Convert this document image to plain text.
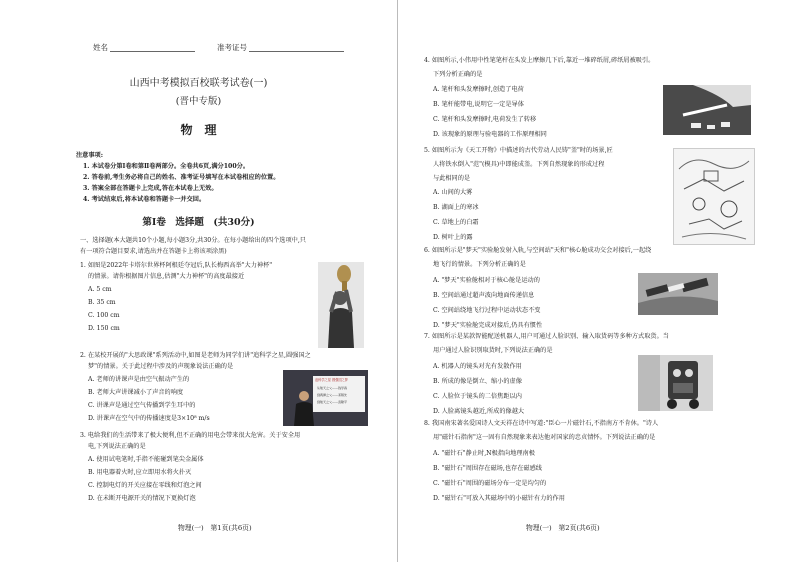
姓名	准考证号
山西中考模拟百校联考试卷(一)
(晋中专版)
物　理
注意事项:
1. 本试卷分第Ⅰ卷和第Ⅱ卷两部分。全卷共6页,满分100分。
2. 答卷前,考生务必将自己的姓名、准考证号填写在本试卷相应的位置。
3. 答案全部在答题卡上完成,答在本试卷上无效。
4. 考试结束后,将本试卷和答题卡一并交回。
第Ⅰ卷　选择题　(共30分)
一、选择题(本大题共10个小题,每小题3分,共30分。在每小题给出的四个选项中,只
有一项符合题目要求,请选出并在答题卡上将该项涂黑)
1. 如图是2022年卡塔尔世界杯阿根廷夺冠后,队长梅西高举"大力神杯"
的情景。请你根据图片信息,估测"大力神杯"的高度最接近
A. 5 cm
B. 35 cm
C. 100 cm
D. 150 cm
2. 在某校开展的"大思政课"系列活动中,如图是老师为同学们讲"追科学之星,圆强国之
梦"的情景。关于此过程中涉及的声现象说法正确的是
A. 老师的讲课声是由空气振动产生的
B. 老师大声讲课减小了声音的响度
C. 讲课声是通过空气传播到学生耳中的
D. 讲课声在空气中的传播速度是3×10⁸ m/s
追科学之星 圆强国之梦
从航天之父——钱学森
到两弹之父——邓稼先
到航天之父——袁隆平
3. 电给我们的生活带来了极大便利,但不正确的用电会带来很大危害。关于安全用
电,下列说法正确的是
A. 使用试电笔时,手指不能碰到笔尖金属体
B. 用电器着火时,应立即用水将火扑灭
C. 控制电灯的开关应接在零线和灯泡之间
D. 在未断开电源开关的情况下更换灯泡
物理(一)　第1页(共6页)
4. 如图所示,小伟用中性笔笔杆在头发上摩擦几下后,靠近一堆碎纸屑,碎纸屑被吸引。
下列分析正确的是
A. 笔杆和头发摩擦时,创造了电荷
B. 笔杆能带电,说明它一定是导体
C. 笔杆和头发摩擦时,电荷发生了转移
D. 该现象的原理与验电器的工作原理相同
5. 如图所示为《天工开物》中描述的古代劳动人民铸"釜"时的场景,匠
人将铁水倒入"范"(模具)中即能成釜。下列自然现象的形成过程
与此相同的是
A. 山间的大雾
B. 湖面上的寒冰
C. 草地上的白霜
D. 树叶上的露
6. 如图所示是"梦天"实验舱发射入轨,与空间站"天和"核心舱成功交会对接后,一起绕
地飞行的情景。下列分析正确的是
A. "梦天"实验舱相对于核心舱是运动的
B. 空间站通过超声波向地面传递信息
C. 空间站绕地飞行过程中运动状态不变
D. "梦天"实验舱完成对接后,仍具有惯性
7. 如图所示是某款智能配送机器人,用户可通过人脸识别、输入取货码等多种方式取货。当
用户通过人脸识别取货时,下列说法正确的是
A. 机器人的镜头对光有发散作用
B. 所成的像是倒立、缩小的虚像
C. 人脸位于镜头的二倍焦距以内
D. 人脸离镜头越近,所成的像越大
8. 我国南宋著名爱国诗人文天祥在诗中写道:"臣心一片磁针石,不指南方不肯休。"诗人
用"磁针石指南"这一固有自然现象来表达他对国家的忠贞情怀。下列说法正确的是
A. "磁针石"静止时,N极指向地理南极
B. "磁针石"周围存在磁场,也存在磁感线
C. "磁针石"周围的磁场分布一定是均匀的
D. "磁针石"可放入其磁场中的小磁针有力的作用
物理(一)　第2页(共6页)
